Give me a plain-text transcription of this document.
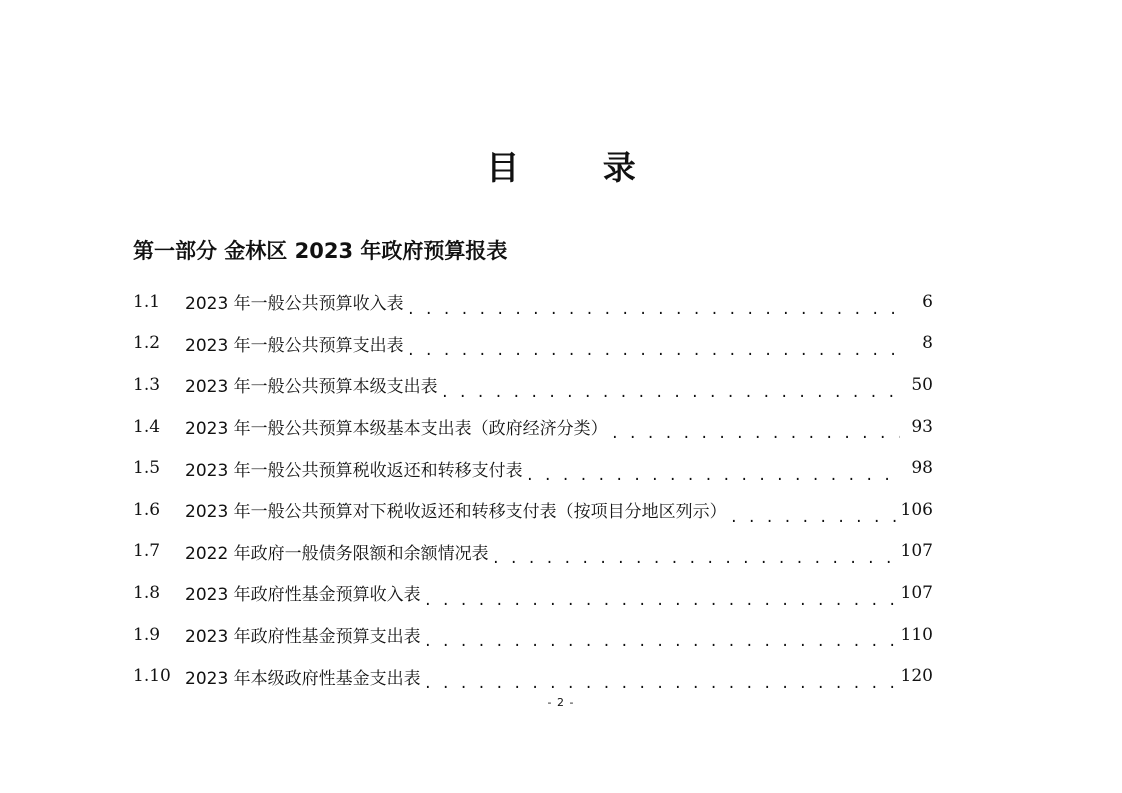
目 录
第一部分 金林区 2023 年政府预算报表
1.1	2023 年一般公共预算收入表 . . .	6
1.2	2023 年一般公共预算支出表 . . .	8
1.3	2023 年一般公共预算本级支出表 . . .	50
1.4	2023 年一般公共预算本级基本支出表（政府经济分类） . . .	93
1.5	2023 年一般公共预算税收返还和转移支付表 . . .	98
1.6	2023 年一般公共预算对下税收返还和转移支付表（按项目分地区列示） . . .	106
1.7	2022 年政府一般债务限额和余额情况表 . . .	107
1.8	2023 年政府性基金预算收入表 . . .	107
1.9	2023 年政府性基金预算支出表 . . .	110
1.10 2023 年本级政府性基金支出表 . . .	120
- 2 -
